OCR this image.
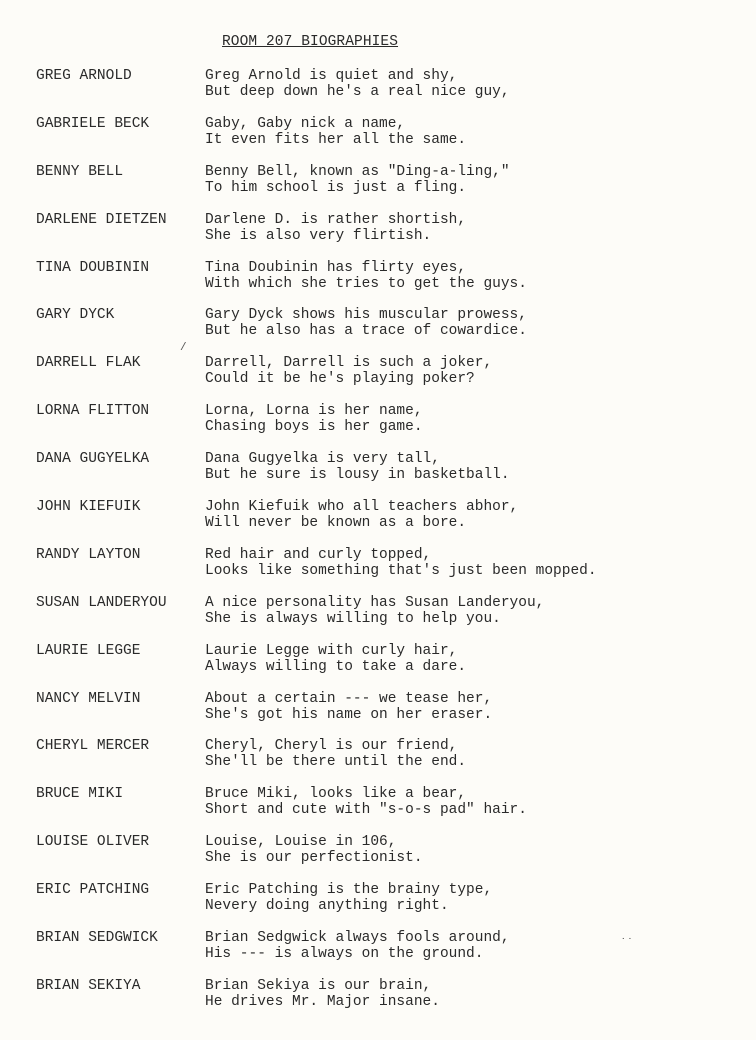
ROOM 207 BIOGRAPHIES
GREG ARNOLD	Greg Arnold is quiet and shy,
But deep down he's a real nice guy,
GABRIELE BECK	Gaby, Gaby nick a name,
It even fits her all the same.
BENNY BELL	Benny Bell, known as "Ding-a-ling,"
To him school is just a fling.
DARLENE DIETZEN	Darlene D. is rather shortish,
She is also very flirtish.
TINA DOUBININ	Tina Doubinin has flirty eyes,
With which she tries to get the guys.
GARY DYCK	Gary Dyck shows his muscular prowess,
But he also has a trace of cowardice.
DARRELL FLAK	Darrell, Darrell is such a joker,
Could it be he's playing poker?
LORNA FLITTON	Lorna, Lorna is her name,
Chasing boys is her game.
DANA GUGYELKA	Dana Gugyelka is very tall,
But he sure is lousy in basketball.
JOHN KIEFUIK	John Kiefuik who all teachers abhor,
Will never be known as a bore.
RANDY LAYTON	Red hair and curly topped,
Looks like something that's just been mopped.
SUSAN LANDERYOU	A nice personality has Susan Landeryou,
She is always willing to help you.
LAURIE LEGGE	Laurie Legge with curly hair,
Always willing to take a dare.
NANCY MELVIN	About a certain --- we tease her,
She's got his name on her eraser.
CHERYL MERCER	Cheryl, Cheryl is our friend,
She'll be there until the end.
BRUCE MIKI	Bruce Miki, looks like a bear,
Short and cute with "s-o-s pad" hair.
LOUISE OLIVER	Louise, Louise in 106,
She is our perfectionist.
ERIC PATCHING	Eric Patching is the brainy type,
Nevery doing anything right.
BRIAN SEDGWICK	Brian Sedgwick always fools around,
His --- is always on the ground.
BRIAN SEKIYA	Brian Sekiya is our brain,
He drives Mr. Major insane.
/
˙˙
